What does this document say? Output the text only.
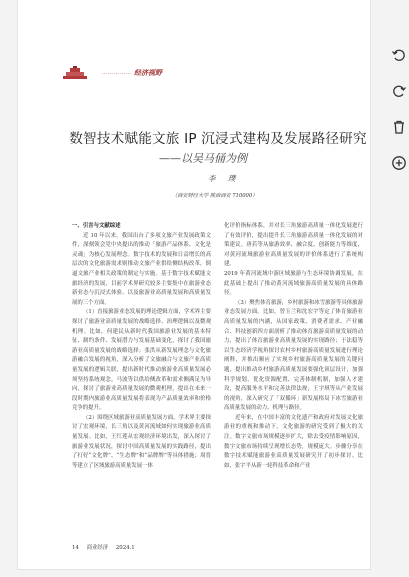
…………… 经济视野
数智技术赋能文旅 IP 沉浸式建构及发展路径研究
——以吴马俑为例
李 璞
（西安财经大学 陕西西安 710000）

一、引言与文献综述

近 10 年以来，我国出台了多项文旅产业发展政策文件，深刻领会党中央提出的推动「旅游产品体系、文化是灵魂」为核心发展理念。数字技术的发展和日益增长的高层次的文化旅游需求则推动文旅产业供给侧结构改革，倒逼文旅产业相关政策的制定与实施。基于数字技术赋能文旅经济的发展，目前学术界研究较多主要集中在旅游业态新业态与沉浸式体验、以及旅游业高质量发展和高质量发展的三个方面。

（1）直接旅游业态发展的理论逻辑方面，学术界主要探讨了旅游业高质量发展的战略选择、治理逻辑以及微观机理。比如，何建民从新时代我国旅游业发展的基本特征、制约条件、发展潜力与发展基础变化，探讨了我国旅游业高质量发展的战略选择；张洪从新发展理念与文化旅游融合发展的视角，深入分析了文旅融合与文旅产业高质量发展的逻辑关联，提出新时代推动旅游业高质量发展必须坚持系统观念。马波等以供给侧改革和需求侧满足为导向，探讨了旅游业高质量发展的微观机理，提出在未来一段时期内旅游业高质量发展将表现为产品质量效率和价格竞争的提升。

（2）围绕区域旅游业高质量发展方面，学术界主要探讨了宏观环境、长三角以及黄河流域如何实现旅游业高质量发展。比如，王红莲从宏观经济环境出发，深入探讨了旅游业发展状况，探讨中国高质量发展的实践路径，提出了打好“文化牌”、“生态牌”和“品牌牌”等具体措施；周晋等建立了区域旅游高质量发展一体

化评价指标体系，并对长三角旅游高质量一体化发展进行了有效评价，提出提升长三角旅游高质量一体化发展的对策建议。唐若等从旅游效率、融合度、创新能力等维度，对黄河流域旅游业高质量发展的评价体系进行了系统构建。

2019 年黄河流域中游区域旅游与生态环境协调发展，在此基础上提出了推动黄河流域旅游高质量发展的具体路径。

（3）聚焦体育旅游，乡村旅游和冰雪旅游等具体旅游业态发展方面。比如，曾玉兰和沈宏宇等定了体育旅游业高质量发展的内涵，从国家政策、消费者需求、产业融合、科技创新四方面剖析了推动体育旅游高质量发展的动力，提出了体育旅游业高质量发展的实现路径；于法稳等以生态经济学视角探讨农村乡村旅游高质量发展进行理论阐释，并推出顺应了实现乡村旅游高质量发展的关键问题，提出推动乡村旅游高质量发展要强化顶层设计，加强科学规划，优化资源配置，完善体制机制，加强人才建设，提高服务水平和完善法律法规；王宇琪等从产业发展的视角，深入研究了「双循环」新发展格局下冰雪旅游业高质量发展的动力、机理与路径。

近年来，在中国丰富的文化遗产和政府对发展文化旅游业的重视和推动下，文化旅游的研究受到了极大的关注。数字文旅市场规模逐步扩大，除去受疫情影响原因，数字文旅市场持续呈现增长态势，规模庞大。步骤分享在数字技术赋能旅游业高质量发展研究开了初步探讨。比如，张宇平从新一轮科技革命和产业

14 商业经济 2024.1
